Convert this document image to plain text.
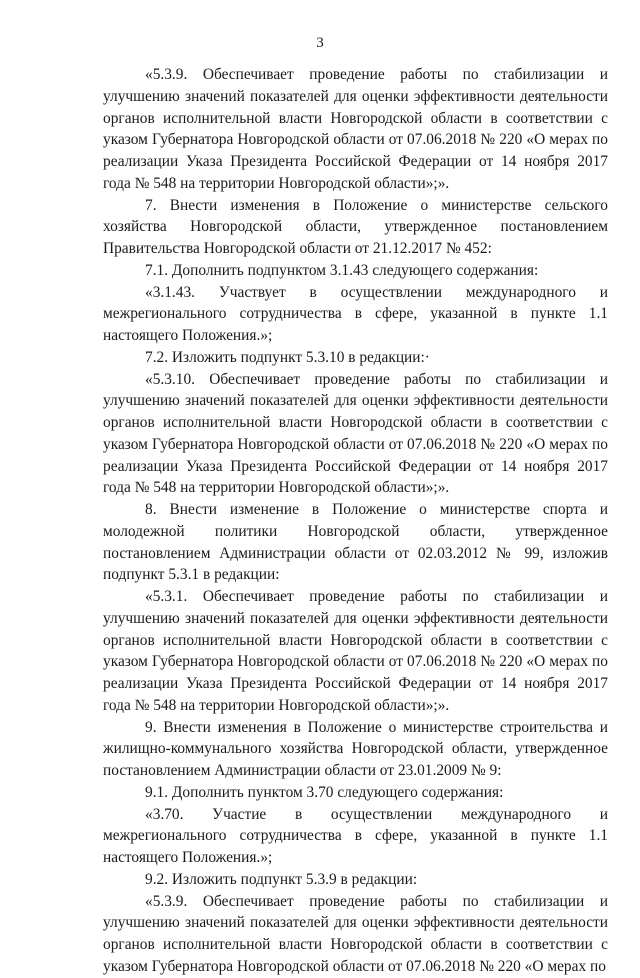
3

«5.3.9. Обеспечивает проведение работы по стабилизации и улучшению значений показателей для оценки эффективности деятельности органов исполнительной власти Новгородской области в соответствии с указом Губернатора Новгородской области от 07.06.2018 № 220 «О мерах по реализации Указа Президента Российской Федерации от 14 ноября 2017 года № 548 на территории Новгородской области»;».

7. Внести изменения в Положение о министерстве сельского хозяйства Новгородской области, утвержденное постановлением Правительства Новгородской области от 21.12.2017 № 452:

7.1. Дополнить подпунктом 3.1.43 следующего содержания:

«3.1.43. Участвует в осуществлении международного и межрегионального сотрудничества в сфере, указанной в пункте 1.1 настоящего Положения.»;

7.2. Изложить подпункт 5.3.10 в редакции:·

«5.3.10. Обеспечивает проведение работы по стабилизации и улучшению значений показателей для оценки эффективности деятельности органов исполнительной власти Новгородской области в соответствии с указом Губернатора Новгородской области от 07.06.2018 № 220 «О мерах по реализации Указа Президента Российской Федерации от 14 ноября 2017 года № 548 на территории Новгородской области»;».

8. Внести изменение в Положение о министерстве спорта и молодежной политики Новгородской области, утвержденное постановлением Администрации области от 02.03.2012 № 99, изложив подпункт 5.3.1 в редакции:

«5.3.1. Обеспечивает проведение работы по стабилизации и улучшению значений показателей для оценки эффективности деятельности органов исполнительной власти Новгородской области в соответствии с указом Губернатора Новгородской области от 07.06.2018 № 220 «О мерах по реализации Указа Президента Российской Федерации от 14 ноября 2017 года № 548 на территории Новгородской области»;».

9. Внести изменения в Положение о министерстве строительства и жилищно-коммунального хозяйства Новгородской области, утвержденное постановлением Администрации области от 23.01.2009 № 9:

9.1. Дополнить пунктом 3.70 следующего содержания:

«3.70. Участие в осуществлении международного и межрегионального сотрудничества в сфере, указанной в пункте 1.1 настоящего Положения.»;

9.2. Изложить подпункт 5.3.9 в редакции:

«5.3.9. Обеспечивает проведение работы по стабилизации и улучшению значений показателей для оценки эффективности деятельности органов исполнительной власти Новгородской области в соответствии с указом Губернатора Новгородской области от 07.06.2018 № 220 «О мерах по
